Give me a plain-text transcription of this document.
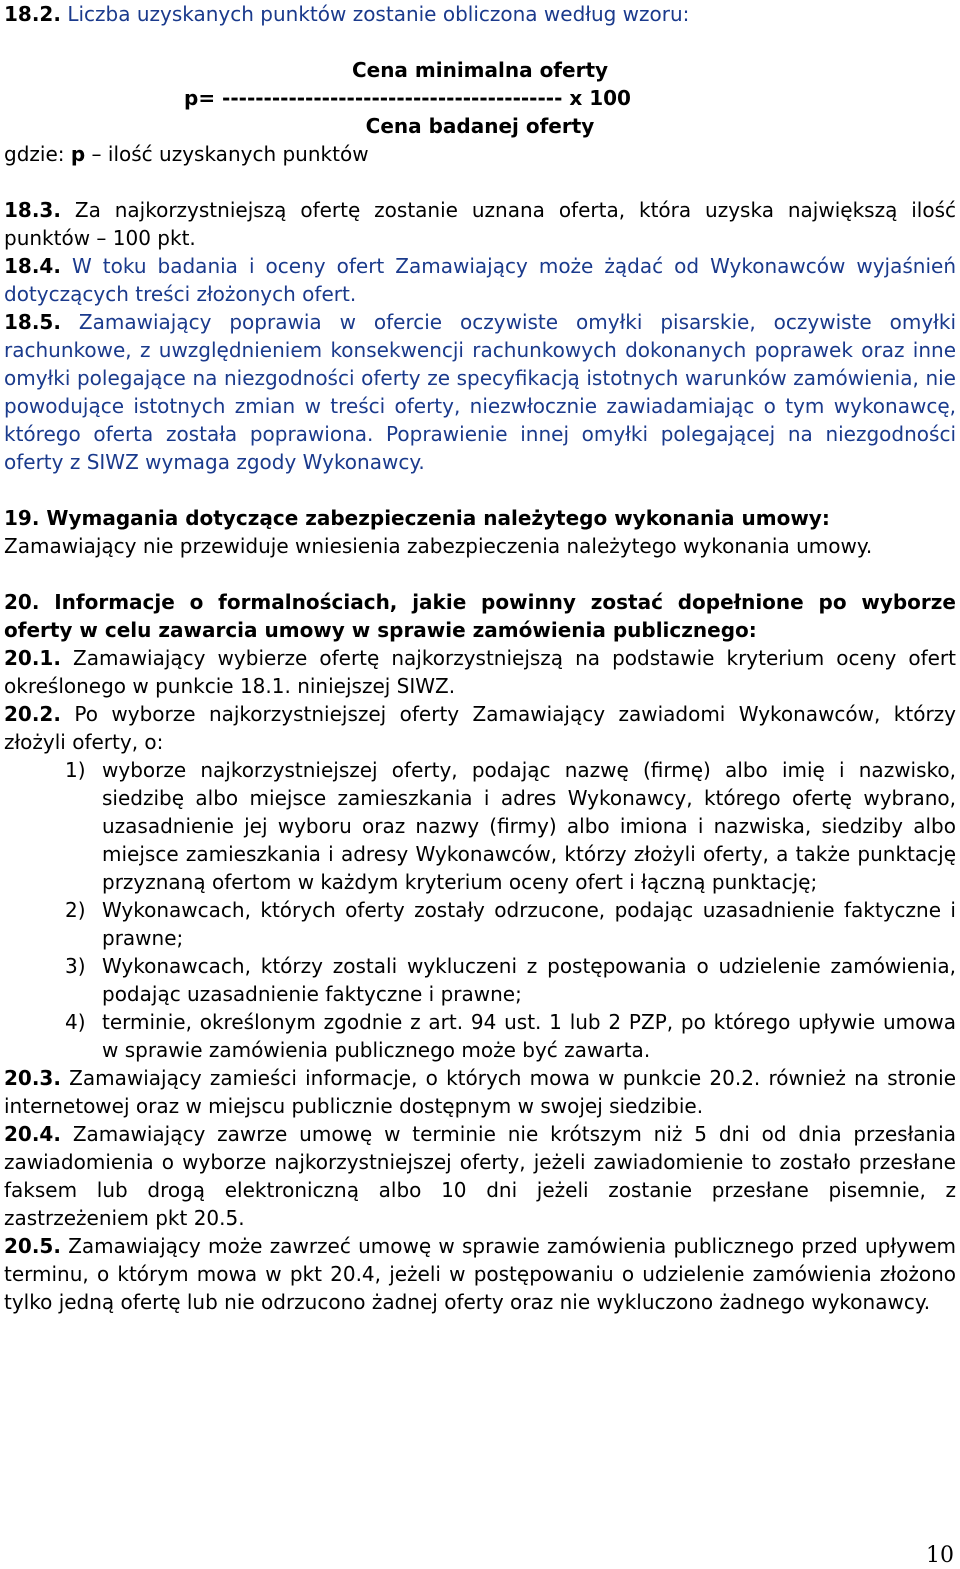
18.2. Liczba uzyskanych punktów zostanie obliczona według wzoru:

Cena minimalna oferty

p= ----------------------------------------- x 100

Cena badanej oferty

gdzie: p – ilość uzyskanych punktów

18.3. Za najkorzystniejszą ofertę zostanie uznana oferta, która uzyska największą ilość punktów – 100 pkt.

18.4. W toku badania i oceny ofert Zamawiający może żądać od Wykonawców wyjaśnień dotyczących treści złożonych ofert.

18.5. Zamawiający poprawia w ofercie oczywiste omyłki pisarskie, oczywiste omyłki rachunkowe, z uwzględnieniem konsekwencji rachunkowych dokonanych poprawek oraz inne omyłki polegające na niezgodności oferty ze specyfikacją istotnych warunków zamówienia, nie powodujące istotnych zmian w treści oferty, niezwłocznie zawiadamiając o tym wykonawcę, którego oferta została poprawiona. Poprawienie innej omyłki polegającej na niezgodności oferty z SIWZ wymaga zgody Wykonawcy.

19. Wymagania dotyczące zabezpieczenia należytego wykonania umowy:

Zamawiający nie przewiduje wniesienia zabezpieczenia należytego wykonania umowy.

20. Informacje o formalnościach, jakie powinny zostać dopełnione po wyborze oferty w celu zawarcia umowy w sprawie zamówienia publicznego:

20.1. Zamawiający wybierze ofertę najkorzystniejszą na podstawie kryterium oceny ofert określonego w punkcie 18.1. niniejszej SIWZ.

20.2. Po wyborze najkorzystniejszej oferty Zamawiający zawiadomi Wykonawców, którzy złożyli oferty, o:

1) wyborze najkorzystniejszej oferty, podając nazwę (firmę) albo imię i nazwisko, siedzibę albo miejsce zamieszkania i adres Wykonawcy, którego ofertę wybrano, uzasadnienie jej wyboru oraz nazwy (firmy) albo imiona i nazwiska, siedziby albo miejsce zamieszkania i adresy Wykonawców, którzy złożyli oferty, a także punktację przyznaną ofertom w każdym kryterium oceny ofert i łączną punktację;
2) Wykonawcach, których oferty zostały odrzucone, podając uzasadnienie faktyczne i prawne;
3) Wykonawcach, którzy zostali wykluczeni z postępowania o udzielenie zamówienia, podając uzasadnienie faktyczne i prawne;
4) terminie, określonym zgodnie z art. 94 ust. 1 lub 2 PZP, po którego upływie umowa w sprawie zamówienia publicznego może być zawarta.

20.3. Zamawiający zamieści informacje, o których mowa w punkcie 20.2. również na stronie internetowej oraz w miejscu publicznie dostępnym w swojej siedzibie.

20.4. Zamawiający zawrze umowę w terminie nie krótszym niż 5 dni od dnia przesłania zawiadomienia o wyborze najkorzystniejszej oferty, jeżeli zawiadomienie to zostało przesłane faksem lub drogą elektroniczną albo 10 dni jeżeli zostanie przesłane pisemnie, z zastrzeżeniem pkt 20.5.

20.5. Zamawiający może zawrzeć umowę w sprawie zamówienia publicznego przed upływem terminu, o którym mowa w pkt 20.4, jeżeli w postępowaniu o udzielenie zamówienia złożono tylko jedną ofertę lub nie odrzucono żadnej oferty oraz nie wykluczono żadnego wykonawcy.

10
